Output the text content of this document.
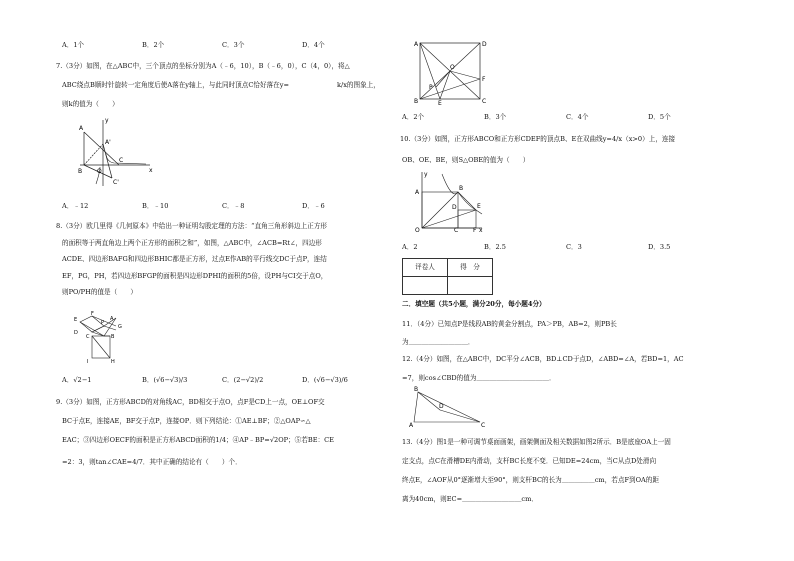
A．1个	B．2个	C．3个	D．4个
7.（3分）如图，在△ABC中，三个顶点的坐标分别为A（﹣6，10），B（﹣6，0），C（4，0），将△
ABC绕点B顺时针旋转一定角度后使A落在y轴上，与此同时顶点C恰好落在y=	k/x的图象上，
则k的值为（　　）
A
y
A'
C
B O	x
C'
A．﹣12	B．﹣10	C．﹣8	D．﹣6
8.（3分）欧几里得《几何原本》中给出一种证明勾股定理的方法：“直角三角形斜边上正方形
的面积等于两直角边上两个正方形的面积之和”，如图，△ABC中，∠ACB=Rt∠，四边形
ACDE、四边形BAFG和四边形BHIC都是正方形，过点E作AB的平行线交DC于点P，连结
EF，PG，PH，若四边形BFGP的面积是四边形DPHI的面积的5倍，设PH与CI交于点O，
则PO/PH的值是（　　）
E
F
D
P
A
G
C	B
I	H
A．√2−1	B．(√6−√3)/3	C．(2−√2)/2	D．(√6−√3)/6
9.（3分）如图，正方形ABCD的对角线AC，BD相交于点O，点F是CD上一点，OE⊥OF交
BC于点E，连接AE，BF交于点P，连接OP．则下列结论：①AE⊥BF；②△OAP∽△
EAC；③四边形OECF的面积是正方形ABCD面积的1/4；④AP﹣BP=√2OP；⑤若BE：CE
=2：3，则tan∠CAE=4/7．其中正确的结论有（　　）个．
A	D
O
F
P
B	E	C
A．2个	B．3个	C．4个	D．5个
10.（3分）如图，正方形ABCO和正方形CDEF的顶点B、E在双曲线y=4/x（x>0）上，连接
OB、OE、BE，则S△OBE的值为（　　）
y
A
B
D	E
O	C F x
A．2	B．2.5	C．3	D．3.5
评卷人	得　分

二．填空题（共5小题，满分20分，每小题4分）
11．（4分）已知点P是线段AB的黄金分割点，PA＞PB，AB=2，则PB长
为＿＿＿＿＿＿＿＿＿．
12.（4分）如图，在△ABC中，DC平分∠ACB，BD⊥CD于点D，∠ABD=∠A，若BD=1，AC
=7，则cos∠CBD的值为＿＿＿＿＿＿＿＿＿＿＿．
B
D
A	C
13.（4分）图1是一种可调节桌面画架，画架侧面及相关数据如图2所示．B是底座OA上一固
定支点，点C在滑槽DE内滑动，支杆BC长度不变．已知DE=24cm，当C从点D处滑向
终点E，∠AOF从0°逐渐增大至90°，则支杆BC的长为＿＿＿＿＿cm，若点F到OA的距
离为40cm，则EC=＿＿＿＿＿＿＿＿＿cm．
